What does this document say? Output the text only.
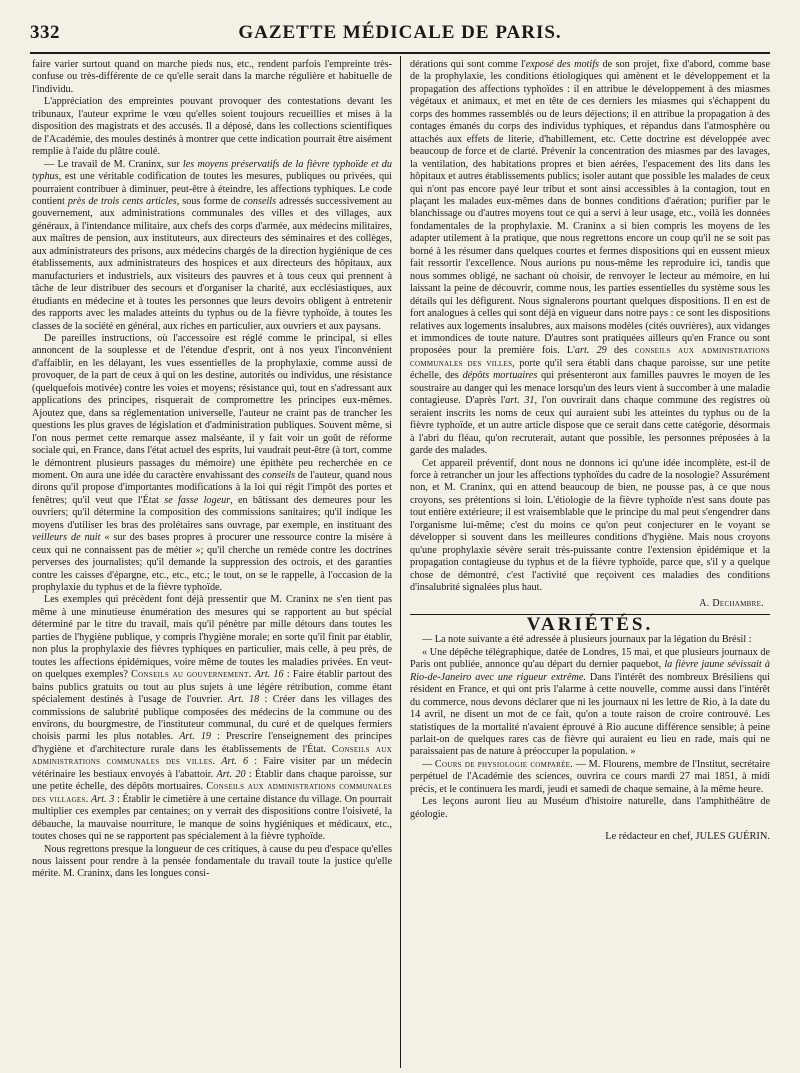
GAZETTE MÉDICALE DE PARIS.
332

faire varier surtout quand on marche pieds nus, etc., rendent parfois l'empreinte très-confuse ou très-différente de ce qu'elle serait dans la marche régulière et habituelle de l'individu.

L'appréciation des empreintes pouvant provoquer des contestations devant les tribunaux, l'auteur exprime le vœu qu'elles soient toujours recueillies et mises à la disposition des magistrats et des accusés. Il a déposé, dans les collections scientifiques de l'Académie, des moules destinés à montrer que cette indication pourrait être aisément remplie à l'aide du plâtre coulé.

— Le travail de M. Craninx, sur les moyens préservatifs de la fièvre typhoïde et du typhus, est une véritable codification de toutes les mesures, publiques ou privées, qui pourraient contribuer à diminuer, peut-être à éteindre, les affections typhiques. Le code contient près de trois cents articles, sous forme de conseils adressés successivement au gouvernement, aux administrations communales des villes et des villages, aux généraux, à l'intendance militaire, aux chefs des corps d'armée, aux médecins militaires, aux maîtres de pension, aux instituteurs, aux directeurs des séminaires et des collèges, aux administrateurs des prisons, aux médecins chargés de la direction hygiénique de ces établissements, aux administrateurs des hospices et aux directeurs des hôpitaux, aux manufacturiers et industriels, aux visiteurs des pauvres et à tous ceux qui prennent à tâche de leur distribuer des secours et d'organiser la charité, aux ecclésiastiques, aux étudiants en médecine et à toutes les personnes que leurs devoirs obligent à entretenir des rapports avec les malades atteints du typhus ou de la fièvre typhoïde, à toutes les classes de la société en général, aux riches en particulier, aux ouvriers et aux paysans.

De pareilles instructions, où l'accessoire est réglé comme le principal, si elles annoncent de la souplesse et de l'étendue d'esprit, ont à nos yeux l'inconvénient d'affaiblir, en les délayant, les vues essentielles de la prophylaxie, comme aussi de provoquer, de la part de ceux à qui on les destine, autorités ou individus, une résistance (quelquefois motivée) contre les voies et moyens; résistance qui, tout en s'adressant aux applications des principes, risquerait de compromettre les principes eux-mêmes. Ajoutez que, dans sa réglementation universelle, l'auteur ne craint pas de trancher les questions les plus graves de législation et d'administration publiques. Souvent même, si l'on nous permet cette remarque assez malséante, il y fait voir un goût de réforme sociale qui, en France, dans l'état actuel des esprits, lui vaudrait peut-être (à tort, comme le démontrent plusieurs passages du mémoire) une épithète peu recherchée en ce moment. On aura une idée du caractère envahissant des conseils de l'auteur, quand nous dirons qu'il propose d'importantes modifications à la loi qui régit l'impôt des portes et fenêtres; qu'il veut que l'État se fasse logeur, en bâtissant des demeures pour les ouvriers; qu'il détermine la composition des commissions sanitaires; qu'il indique les moyens d'utiliser les bras des prolétaires sans ouvrage, par exemple, en instituant des veilleurs de nuit « sur des bases propres à procurer une ressource contre la misère à ceux qui ne connaissent pas de métier »; qu'il cherche un remède contre les doctrines perverses des journalistes; qu'il demande la suppression des octrois, et des garanties contre les caisses d'épargne, etc., etc., etc.; le tout, on se le rappelle, à l'occasion de la prophylaxie du typhus et de la fièvre typhoïde.

Les exemples qui précèdent font déjà pressentir que M. Craninx ne s'en tient pas même à une minutieuse énumération des mesures qui se rapportent au but spécial déterminé par le titre du travail, mais qu'il pénètre par mille détours dans toutes les parties de l'hygiène publique, y compris l'hygiène morale; en sorte qu'il finit par établir, non plus la prophylaxie des fièvres typhiques en particulier, mais celle, à peu près, de toutes les affections épidémiques, voire même de toutes les maladies privées. En veut-on quelques exemples? Conseils au gouvernement. Art. 16 : Faire établir partout des bains publics gratuits ou tout au plus sujets à une légère rétribution, comme étant spécialement destinés à l'usage de l'ouvrier. Art. 18 : Créer dans les villages des commissions de salubrité publique composées des médecins de la commune ou des environs, du bourgmestre, de l'instituteur communal, du curé et de quelques fermiers choisis parmi les plus notables. Art. 19 : Prescrire l'enseignement des principes d'hygiène et d'architecture rurale dans les établissements de l'État. Conseils aux administrations communales des villes. Art. 6 : Faire visiter par un médecin vétérinaire les bestiaux envoyés à l'abattoir. Art. 20 : Établir dans chaque paroisse, sur une petite échelle, des dépôts mortuaires. Conseils aux administrations communales des villages. Art. 3 : Établir le cimetière à une certaine distance du village. On pourrait multiplier ces exemples par centaines; on y verrait des dispositions contre l'oisiveté, la débauche, la mauvaise nourriture, le manque de soins hygiéniques et médicaux, etc., toutes choses qui ne se rapportent pas spécialement à la fièvre typhoïde.

Nous regrettons presque la longueur de ces critiques, à cause du peu d'espace qu'elles nous laissent pour rendre à la pensée fondamentale du travail toute la justice qu'elle mérite. M. Craninx, dans les longues consi-

dérations qui sont comme l'exposé des motifs de son projet, fixe d'abord, comme base de la prophylaxie, les conditions étiologiques qui amènent et le développement et la propagation des affections typhoïdes : il en attribue le développement à des miasmes végétaux et animaux, et met en tête de ces derniers les miasmes qui s'échappent du corps des hommes rassemblés ou de leurs déjections; il en attribue la propagation à des contages émanés du corps des individus typhiques, et répandus dans l'atmosphère ou attachés aux effets de literie, d'habillement, etc. Cette doctrine est développée avec beaucoup de force et de clarté. Prévenir la concentration des miasmes par des lavages, la ventilation, des habitations propres et bien aérées, l'espacement des lits dans les hôpitaux et autres établissements publics; isoler autant que possible les malades de ceux qui n'ont pas encore payé leur tribut et sont ainsi accessibles à la contagion, tout en plaçant les malades eux-mêmes dans de bonnes conditions d'aération; purifier par le blanchissage ou d'autres moyens tout ce qui a servi à leur usage, etc., voilà les données fondamentales de la prophylaxie. M. Craninx a si bien compris les moyens de les adapter utilement à la pratique, que nous regrettons encore un coup qu'il ne se soit pas borné à les résumer dans quelques courtes et fermes dispositions qui en eussent mieux fait ressortir l'excellence. Nous aurions pu nous-même les reproduire ici, tandis que nous sommes obligé, ne sachant où choisir, de renvoyer le lecteur au mémoire, en lui laissant la peine de découvrir, comme nous, les parties essentielles du système sous les détails qui les défigurent. Nous signalerons pourtant quelques dispositions. Il en est de fort analogues à celles qui sont déjà en vigueur dans notre pays : ce sont les dispositions relatives aux logements insalubres, aux maisons modèles (cités ouvrières), aux vidanges et immondices de toute nature. D'autres sont pratiquées ailleurs qu'en France ou sont proposées pour la première fois. L'art. 29 des conseils aux administrations communales des villes, porte qu'il sera établi dans chaque paroisse, sur une petite échelle, des dépôts mortuaires qui présenteront aux familles pauvres le moyen de les soustraire au danger qui les menace lorsqu'un des leurs vient à succomber à une maladie contagieuse. D'après l'art. 31, l'on ouvrirait dans chaque commune des registres où seraient inscrits les noms de ceux qui auraient subi les atteintes du typhus ou de la fièvre typhoïde, et un autre article dispose que ce serait dans cette catégorie, désormais à l'abri du fléau, qu'on recruterait, autant que possible, les personnes préposées à la garde des malades.

Cet appareil préventif, dont nous ne donnons ici qu'une idée incomplète, est-il de force à retrancher un jour les affections typhoïdes du cadre de la nosologie? Assurément non, et M. Craninx, qui en attend beaucoup de bien, ne pousse pas, à ce que nous croyons, ses prétentions si loin. L'étiologie de la fièvre typhoïde n'est sans doute pas tout entière extérieure; il est vraisemblable que le principe du mal peut s'engendrer dans l'organisme lui-même; c'est du moins ce qu'on peut conjecturer en le voyant se développer si souvent dans les meilleures conditions d'hygiène. Mais nous croyons qu'une prophylaxie sévère serait très-puissante contre l'extension épidémique et la propagation contagieuse du typhus et de la fièvre typhoïde, parce que, s'il y a quelque chose de démontré, c'est l'activité que reçoivent ces maladies des conditions d'insalubrité signalées plus haut.

A. Dechambre.

VARIÉTÉS.

— La note suivante a été adressée à plusieurs journaux par la légation du Brésil :

« Une dépêche télégraphique, datée de Londres, 15 mai, et que plusieurs journaux de Paris ont publiée, annonce qu'au départ du dernier paquebot, la fièvre jaune sévissait à Rio-de-Janeiro avec une rigueur extrême. Dans l'intérêt des nombreux Brésiliens qui résident en France, et qui ont pris l'alarme à cette nouvelle, comme aussi dans l'intérêt du commerce, nous devons déclarer que ni les journaux ni les lettre de Rio, à la date du 14 avril, ne disent un mot de ce fait, qu'on a toute raison de croire controuvé. Les statistiques de la mortalité n'avaient éprouvé à Rio aucune différence sensible; à peine parlait-on de quelques rares cas de fièvre qui auraient eu lieu en rade, mais qui ne paraissaient pas de nature à préoccuper la population. »

— Cours de physiologie comparée. — M. Flourens, membre de l'Institut, secrétaire perpétuel de l'Académie des sciences, ouvrira ce cours mardi 27 mai 1851, à midi précis, et le continuera les mardi, jeudi et samedi de chaque semaine, à la même heure.

Les leçons auront lieu au Muséum d'histoire naturelle, dans l'amphithéâtre de géologie.

Le rédacteur en chef, JULES GUÉRIN.
